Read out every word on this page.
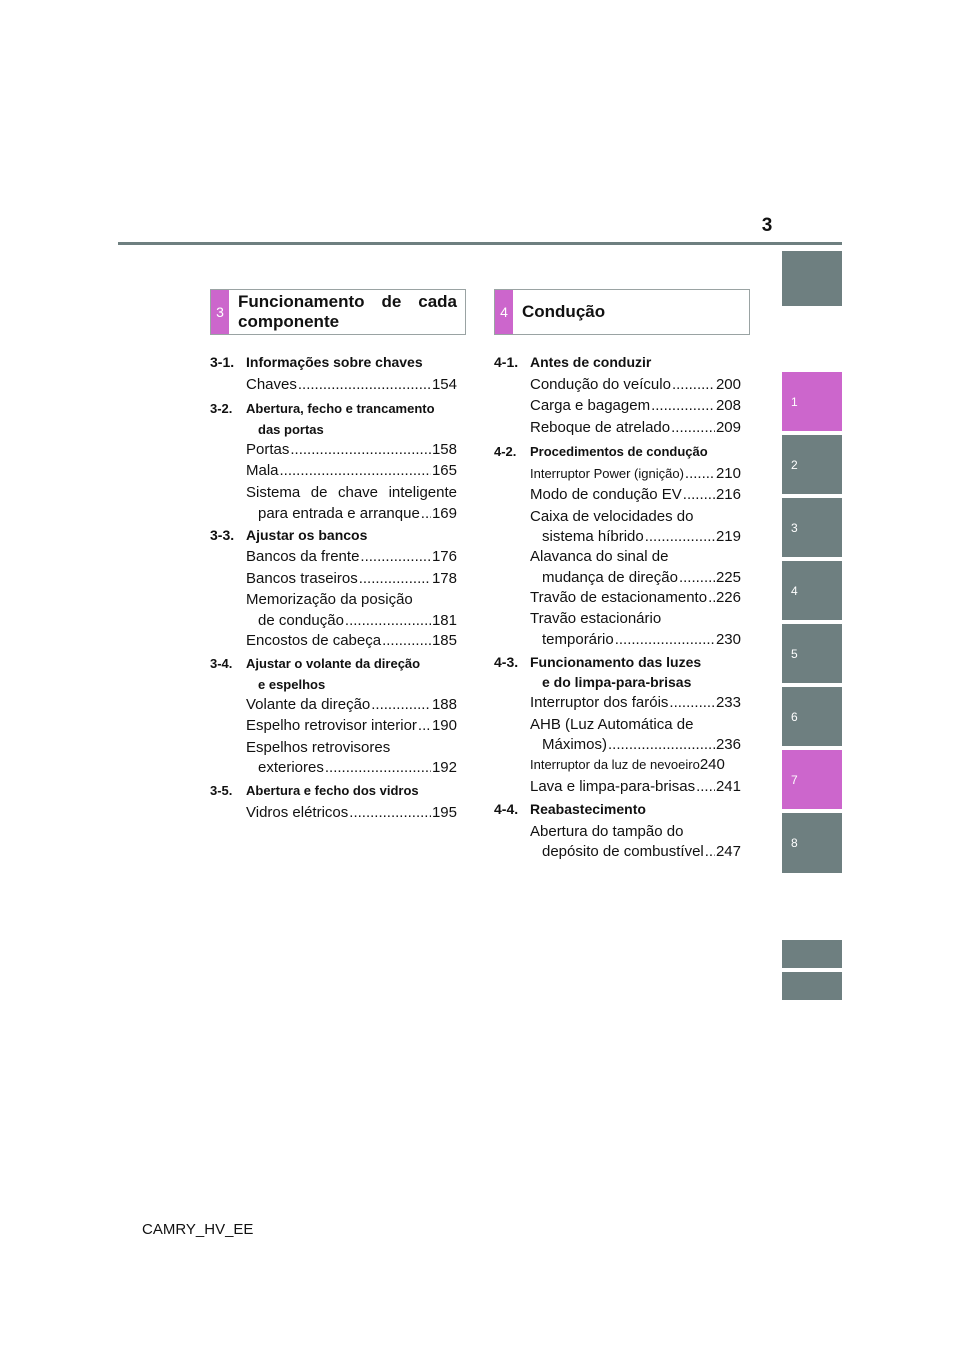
3
1
2
3
4
5
6
7
8
3
Funcionamento de cada
componente	4 Condução
3-1. Informações sobre chaves
Chaves .....	154
3-2. Abertura, fecho e trancamento
das portas
Portas .....	158
Mala .....	165
Sistema de chave inteligente
para entrada e arranque ..... 169
3-3. Ajustar os bancos
Bancos da frente .....	176
Bancos traseiros .....	178
Memorização da posição
de condução .....	181
Encostos de cabeça .....	185
3-4. Ajustar o volante da direção
e espelhos
Volante da direção .....	188
Espelho retrovisor interior ..... 190
Espelhos retrovisores
exteriores .....	192
3-5. Abertura e fecho dos vidros
Vidros elétricos .....	195
4-1. Antes de conduzir
Condução do veículo .....	200
Carga e bagagem .....	208
Reboque de atrelado .....	209
4-2. Procedimentos de condução
Interruptor Power (ignição) ..... 210
Modo de condução EV ..... 216
Caixa de velocidades do
sistema híbrido .....	219
Alavanca do sinal de
mudança de direção .....	225
Travão de estacionamento ..... 226
Travão estacionário
temporário .....	230
4-3. Funcionamento das luzes
e do limpa-para-brisas
Interruptor dos faróis .....	233
AHB (Luz Automática de
Máximos) .....	236
Interruptor da luz de nevoeiro 240
Lava e limpa-para-brisas ..... 241
4-4. Reabastecimento
Abertura do tampão do
depósito de combustível ..... 247
CAMRY_HV_EE
